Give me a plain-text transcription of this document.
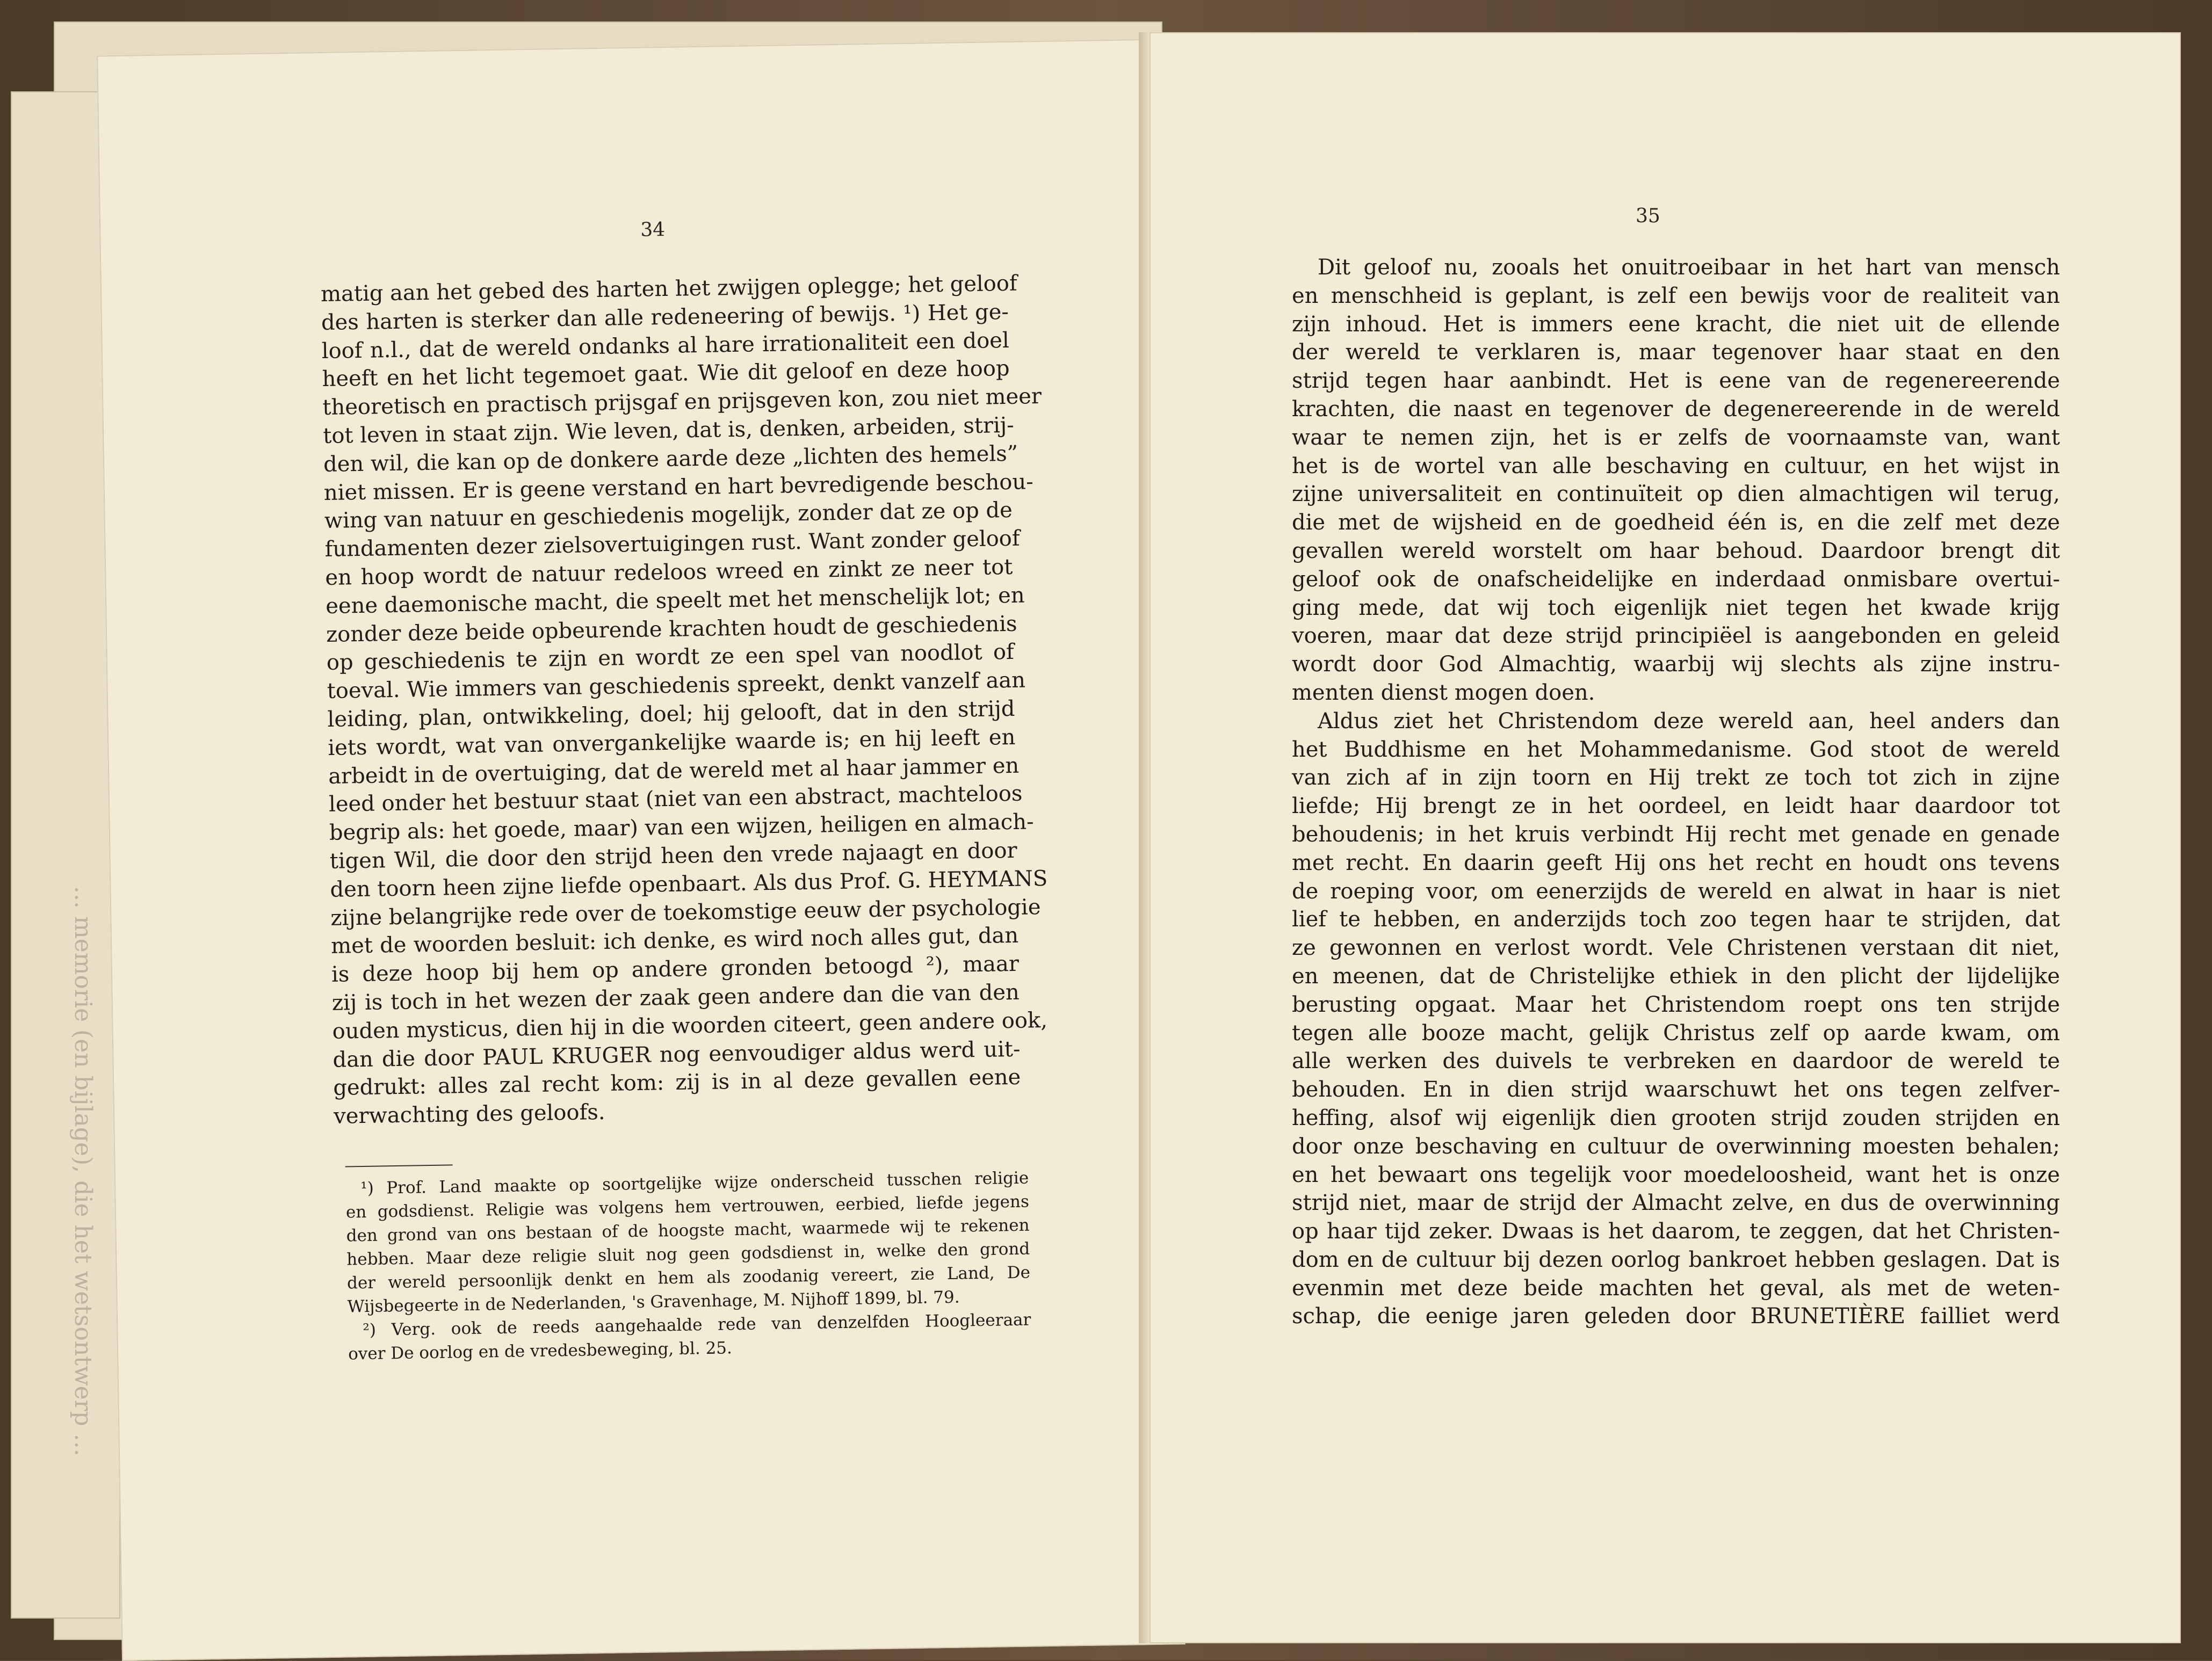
34
matig aan het gebed des harten het zwijgen oplegge; het geloof
des harten is sterker dan alle redeneering of bewijs. ¹) Het ge-
loof n.l., dat de wereld ondanks al hare irrationaliteit een doel
heeft en het licht tegemoet gaat. Wie dit geloof en deze hoop
theoretisch en practisch prijsgaf en prijsgeven kon, zou niet meer
tot leven in staat zijn. Wie leven, dat is, denken, arbeiden, strij-
den wil, die kan op de donkere aarde deze „lichten des hemels”
niet missen. Er is geene verstand en hart bevredigende beschou-
wing van natuur en geschiedenis mogelijk, zonder dat ze op de
fundamenten dezer zielsovertuigingen rust. Want zonder geloof
en hoop wordt de natuur redeloos wreed en zinkt ze neer tot
eene daemonische macht, die speelt met het menschelijk lot; en
zonder deze beide opbeurende krachten houdt de geschiedenis
op geschiedenis te zijn en wordt ze een spel van noodlot of
toeval. Wie immers van geschiedenis spreekt, denkt vanzelf aan
leiding, plan, ontwikkeling, doel; hij gelooft, dat in den strijd
iets wordt, wat van onvergankelijke waarde is; en hij leeft en
arbeidt in de overtuiging, dat de wereld met al haar jammer en
leed onder het bestuur staat (niet van een abstract, machteloos
begrip als: het goede, maar) van een wijzen, heiligen en almach-
tigen Wil, die door den strijd heen den vrede najaagt en door
den toorn heen zijne liefde openbaart. Als dus Prof. G. HEYMANS
zijne belangrijke rede over de toekomstige eeuw der psychologie
met de woorden besluit: ich denke, es wird noch alles gut, dan
is deze hoop bij hem op andere gronden betoogd ²), maar
zij is toch in het wezen der zaak geen andere dan die van den
ouden mysticus, dien hij in die woorden citeert, geen andere ook,
dan die door PAUL KRUGER nog eenvoudiger aldus werd uit-
gedrukt: alles zal recht kom: zij is in al deze gevallen eene
verwachting des geloofs.
¹) Prof. Land maakte op soortgelijke wijze onderscheid tusschen religie
en godsdienst. Religie was volgens hem vertrouwen, eerbied, liefde jegens
den grond van ons bestaan of de hoogste macht, waarmede wij te rekenen
hebben. Maar deze religie sluit nog geen godsdienst in, welke den grond
der wereld persoonlijk denkt en hem als zoodanig vereert, zie Land, De
Wijsbegeerte in de Nederlanden, 's Gravenhage, M. Nijhoff 1899, bl. 79.
²) Verg. ook de reeds aangehaalde rede van denzelfden Hoogleeraar
over De oorlog en de vredesbeweging, bl. 25.
35
Dit geloof nu, zooals het onuitroeibaar in het hart van mensch
en menschheid is geplant, is zelf een bewijs voor de realiteit van
zijn inhoud. Het is immers eene kracht, die niet uit de ellende
der wereld te verklaren is, maar tegenover haar staat en den
strijd tegen haar aanbindt. Het is eene van de regenereerende
krachten, die naast en tegenover de degenereerende in de wereld
waar te nemen zijn, het is er zelfs de voornaamste van, want
het is de wortel van alle beschaving en cultuur, en het wijst in
zijne universaliteit en continuïteit op dien almachtigen wil terug,
die met de wijsheid en de goedheid één is, en die zelf met deze
gevallen wereld worstelt om haar behoud. Daardoor brengt dit
geloof ook de onafscheidelijke en inderdaad onmisbare overtui-
ging mede, dat wij toch eigenlijk niet tegen het kwade krijg
voeren, maar dat deze strijd principiëel is aangebonden en geleid
wordt door God Almachtig, waarbij wij slechts als zijne instru-
menten dienst mogen doen.
Aldus ziet het Christendom deze wereld aan, heel anders dan
het Buddhisme en het Mohammedanisme. God stoot de wereld
van zich af in zijn toorn en Hij trekt ze toch tot zich in zijne
liefde; Hij brengt ze in het oordeel, en leidt haar daardoor tot
behoudenis; in het kruis verbindt Hij recht met genade en genade
met recht. En daarin geeft Hij ons het recht en houdt ons tevens
de roeping voor, om eenerzijds de wereld en alwat in haar is niet
lief te hebben, en anderzijds toch zoo tegen haar te strijden, dat
ze gewonnen en verlost wordt. Vele Christenen verstaan dit niet,
en meenen, dat de Christelijke ethiek in den plicht der lijdelijke
berusting opgaat. Maar het Christendom roept ons ten strijde
tegen alle booze macht, gelijk Christus zelf op aarde kwam, om
alle werken des duivels te verbreken en daardoor de wereld te
behouden. En in dien strijd waarschuwt het ons tegen zelfver-
heffing, alsof wij eigenlijk dien grooten strijd zouden strijden en
door onze beschaving en cultuur de overwinning moesten behalen;
en het bewaart ons tegelijk voor moedeloosheid, want het is onze
strijd niet, maar de strijd der Almacht zelve, en dus de overwinning
op haar tijd zeker. Dwaas is het daarom, te zeggen, dat het Christen-
dom en de cultuur bij dezen oorlog bankroet hebben geslagen. Dat is
evenmin met deze beide machten het geval, als met de weten-
schap, die eenige jaren geleden door BRUNETIÈRE failliet werd
... memorie (en bijlage), die het wetsontwerp ...
